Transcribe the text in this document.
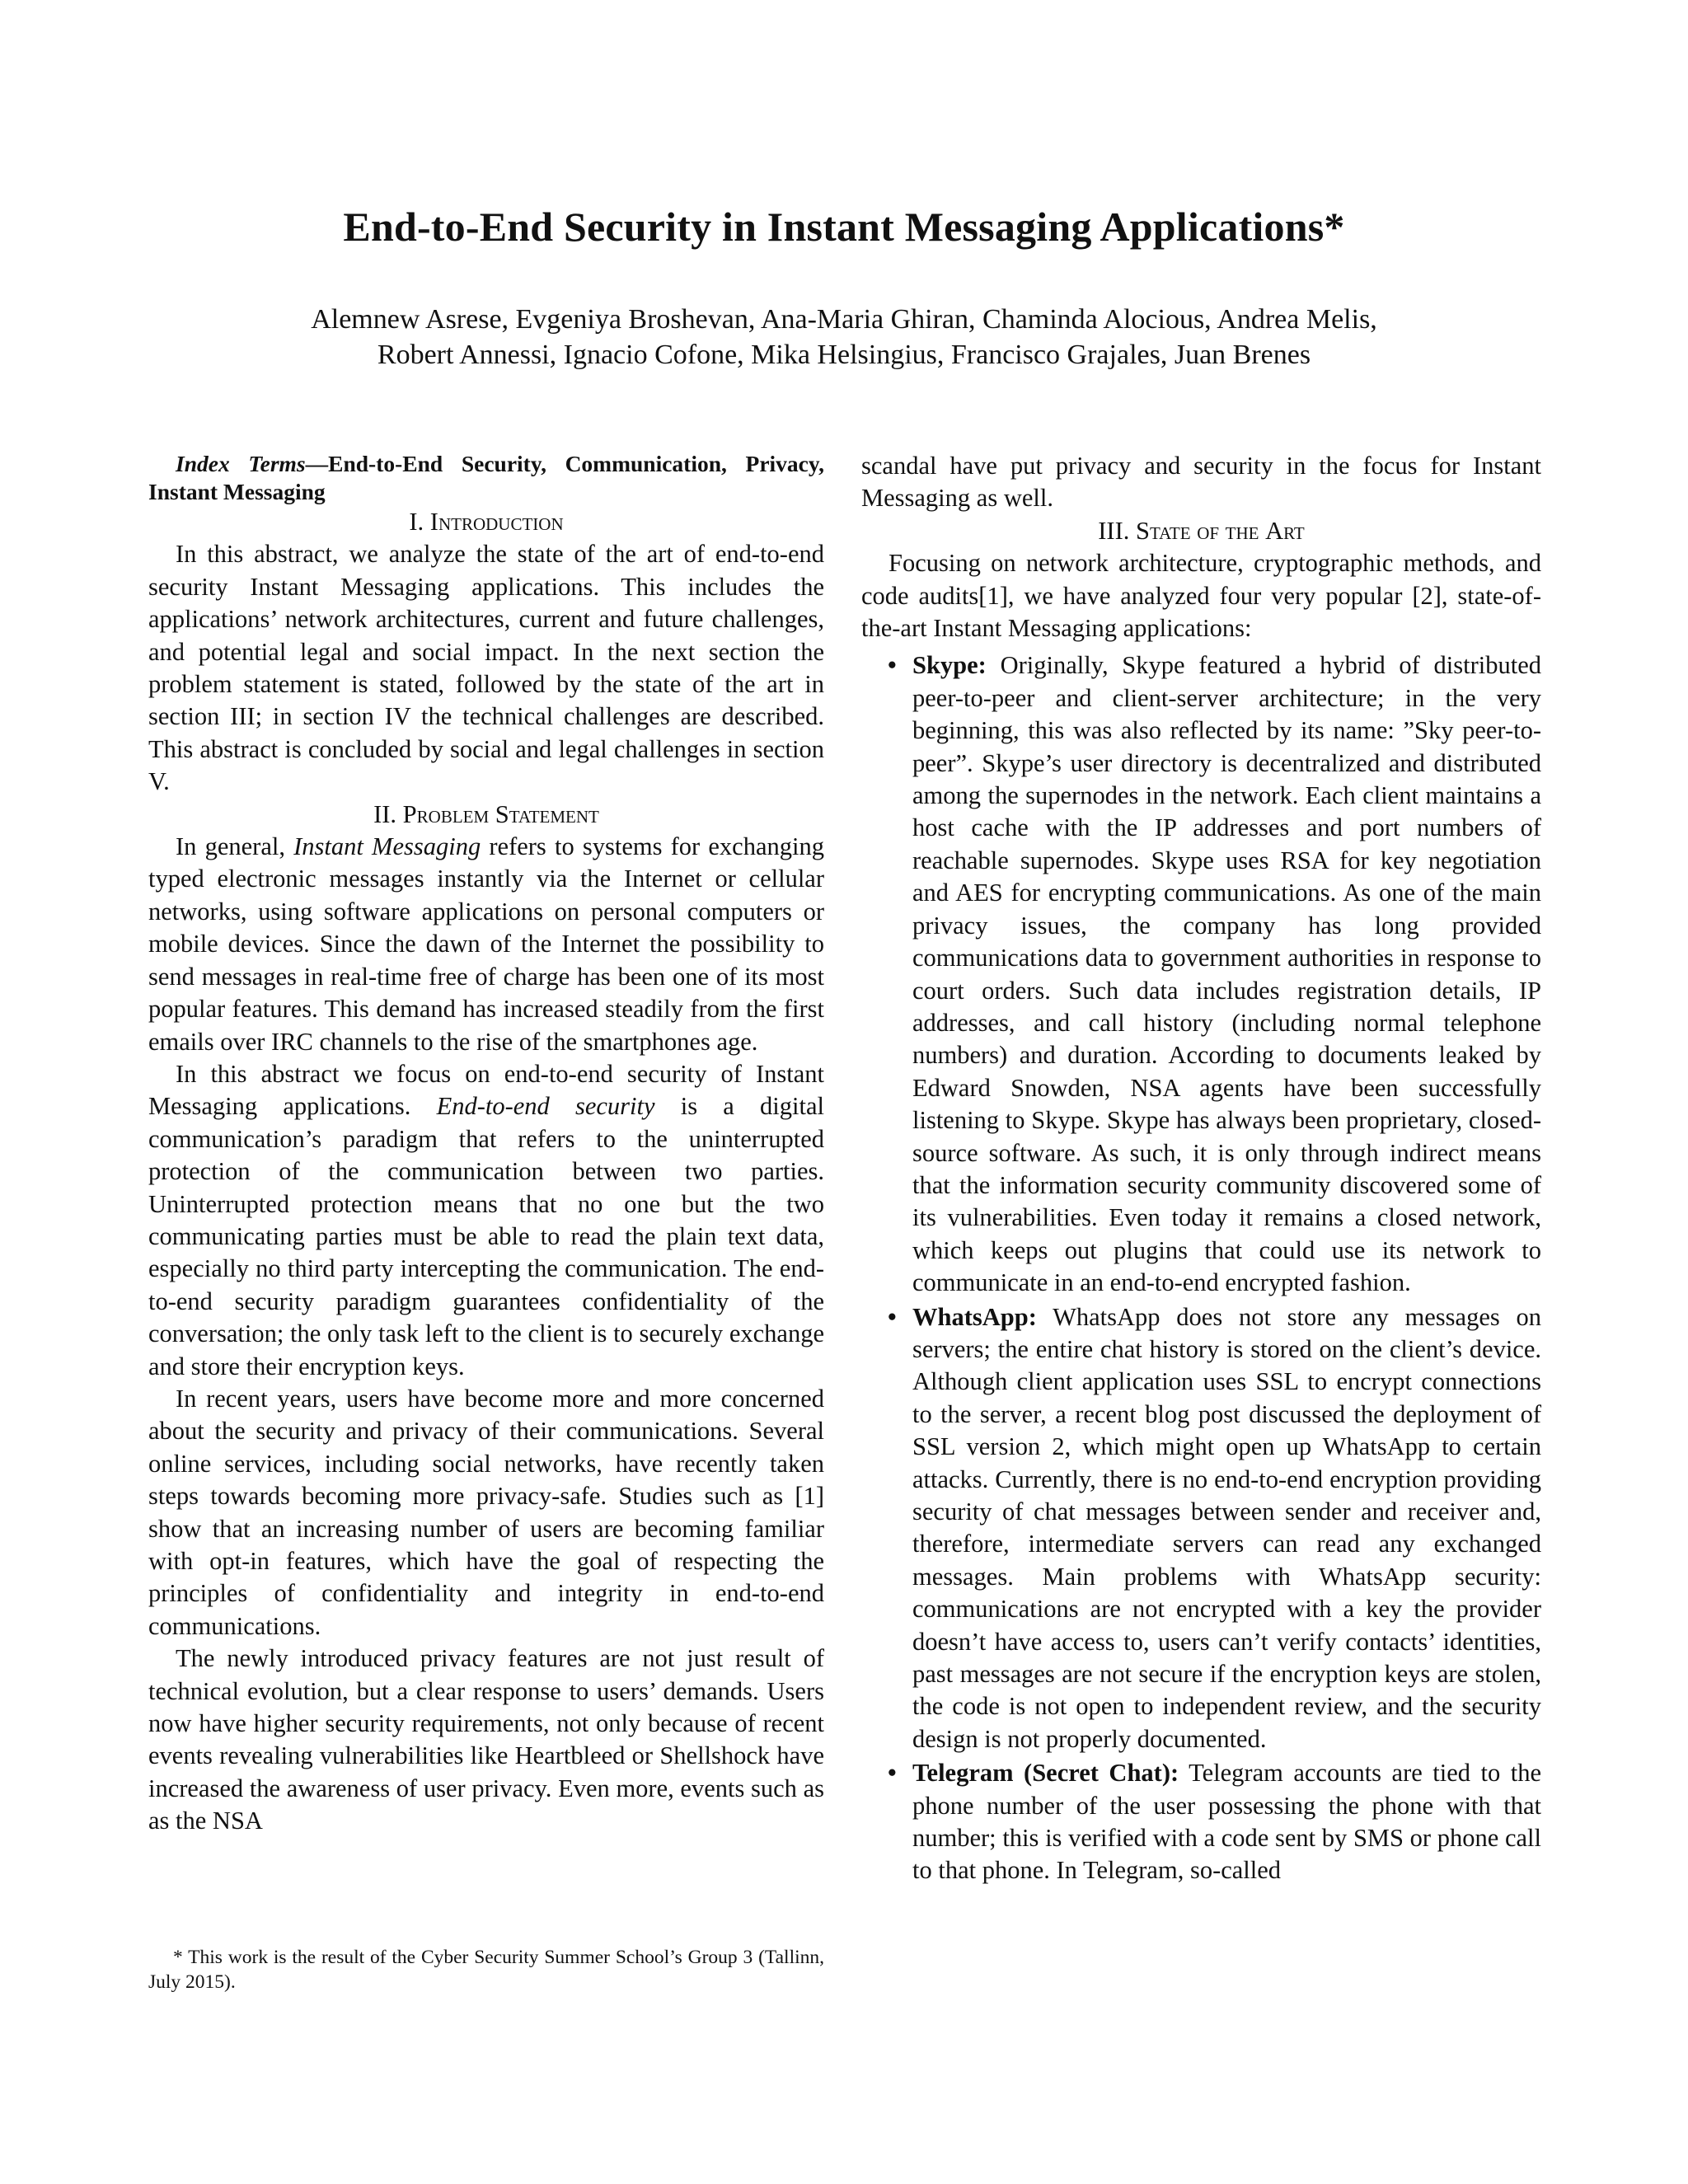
End-to-End Security in Instant Messaging Applications*
Alemnew Asrese, Evgeniya Broshevan, Ana-Maria Ghiran, Chaminda Alocious, Andrea Melis,
Robert Annessi, Ignacio Cofone, Mika Helsingius, Francisco Grajales, Juan Brenes

Index Terms—End-to-End Security, Communication, Privacy, Instant Messaging

I. Introduction

In this abstract, we analyze the state of the art of end-to-end security Instant Messaging applications. This includes the applications’ network architectures, current and future challenges, and potential legal and social impact. In the next section the problem statement is stated, followed by the state of the art in section III; in section IV the technical challenges are described. This abstract is concluded by social and legal challenges in section V.

II. Problem Statement

In general, Instant Messaging refers to systems for exchanging typed electronic messages instantly via the Internet or cellular networks, using software applications on personal computers or mobile devices. Since the dawn of the Internet the possibility to send messages in real-time free of charge has been one of its most popular features. This demand has increased steadily from the first emails over IRC channels to the rise of the smartphones age.

In this abstract we focus on end-to-end security of Instant Messaging applications. End-to-end security is a digital communication’s paradigm that refers to the uninterrupted protection of the communication between two parties. Uninterrupted protection means that no one but the two communicating parties must be able to read the plain text data, especially no third party intercepting the communication. The end-to-end security paradigm guarantees confidentiality of the conversation; the only task left to the client is to securely exchange and store their encryption keys.

In recent years, users have become more and more concerned about the security and privacy of their communications. Several online services, including social networks, have recently taken steps towards becoming more privacy-safe. Studies such as [1] show that an increasing number of users are becoming familiar with opt-in features, which have the goal of respecting the principles of confidentiality and integrity in end-to-end communications.

The newly introduced privacy features are not just result of technical evolution, but a clear response to users’ demands. Users now have higher security requirements, not only because of recent events revealing vulnerabilities like Heartbleed or Shellshock have increased the awareness of user privacy. Even more, events such as as the NSA

* This work is the result of the Cyber Security Summer School’s Group 3 (Tallinn, July 2015).

scandal have put privacy and security in the focus for Instant Messaging as well.

III. State of the Art

Focusing on network architecture, cryptographic methods, and code audits[1], we have analyzed four very popular [2], state-of-the-art Instant Messaging applications:

• Skype: Originally, Skype featured a hybrid of distributed peer-to-peer and client-server architecture; in the very beginning, this was also reflected by its name: ”Sky peer-to-peer”. Skype’s user directory is decentralized and distributed among the supernodes in the network. Each client maintains a host cache with the IP addresses and port numbers of reachable supernodes. Skype uses RSA for key negotiation and AES for encrypting communications. As one of the main privacy issues, the company has long provided communications data to government authorities in response to court orders. Such data includes registration details, IP addresses, and call history (including normal telephone numbers) and duration. According to documents leaked by Edward Snowden, NSA agents have been successfully listening to Skype. Skype has always been proprietary, closed-source software. As such, it is only through indirect means that the information security community discovered some of its vulnerabilities. Even today it remains a closed network, which keeps out plugins that could use its network to communicate in an end-to-end encrypted fashion.
• WhatsApp: WhatsApp does not store any messages on servers; the entire chat history is stored on the client’s device. Although client application uses SSL to encrypt connections to the server, a recent blog post discussed the deployment of SSL version 2, which might open up WhatsApp to certain attacks. Currently, there is no end-to-end encryption providing security of chat messages between sender and receiver and, therefore, intermediate servers can read any exchanged messages. Main problems with WhatsApp security: communications are not encrypted with a key the provider doesn’t have access to, users can’t verify contacts’ identities, past messages are not secure if the encryption keys are stolen, the code is not open to independent review, and the security design is not properly documented.
• Telegram (Secret Chat): Telegram accounts are tied to the phone number of the user possessing the phone with that number; this is verified with a code sent by SMS or phone call to that phone. In Telegram, so-called
